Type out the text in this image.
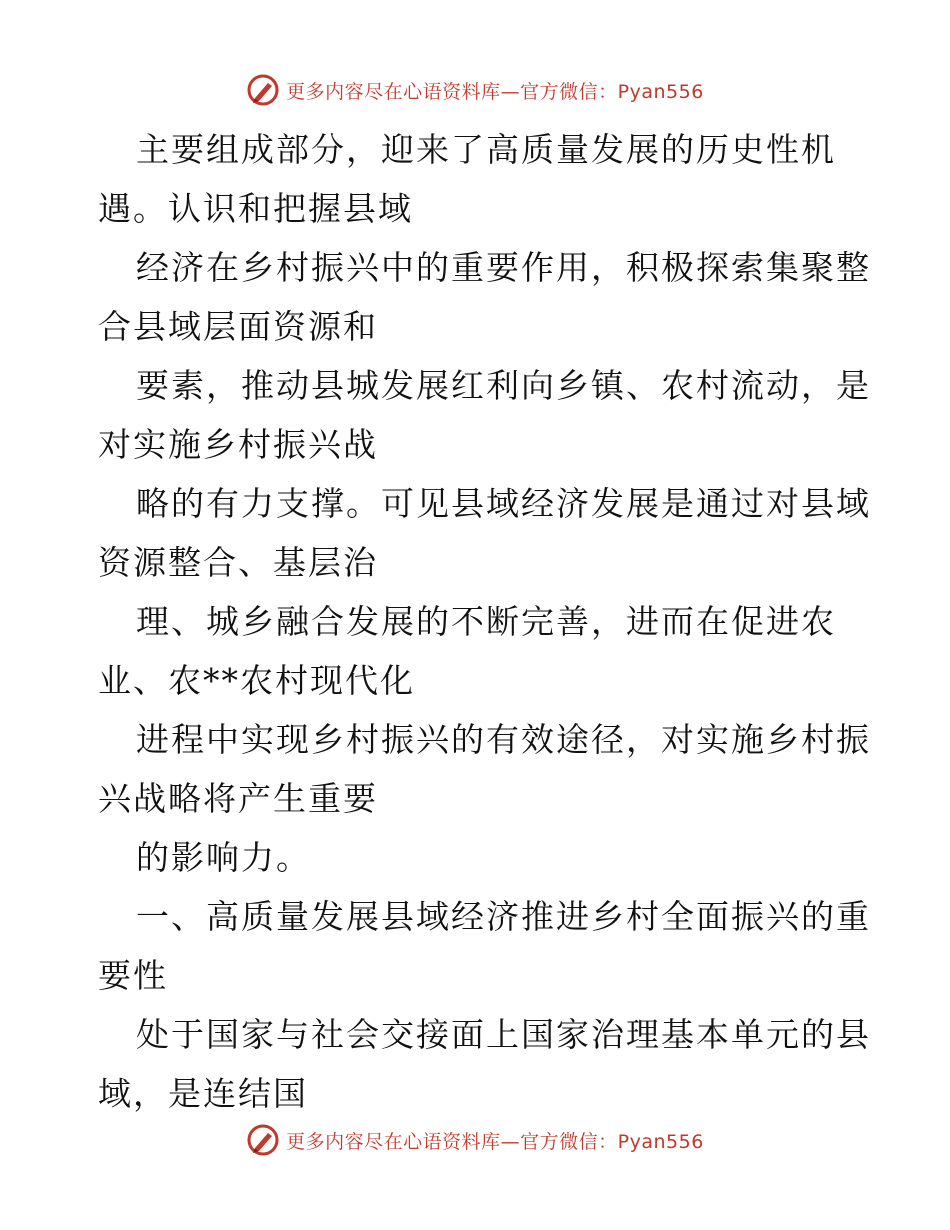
更多内容尽在心语资料库—官方微信：Pyan556

主要组成部分，迎来了高质量发展的历史性机
遇。认识和把握县域

经济在乡村振兴中的重要作用，积极探索集聚整
合县域层面资源和

要素，推动县城发展红利向乡镇、农村流动，是
对实施乡村振兴战

略的有力支撑。可见县域经济发展是通过对县域
资源整合、基层治

理、城乡融合发展的不断完善，进而在促进农
业、农**农村现代化

进程中实现乡村振兴的有效途径，对实施乡村振
兴战略将产生重要

的影响力。

一、高质量发展县域经济推进乡村全面振兴的重
要性

处于国家与社会交接面上国家治理基本单元的县
域，是连结国

更多内容尽在心语资料库—官方微信：Pyan556
